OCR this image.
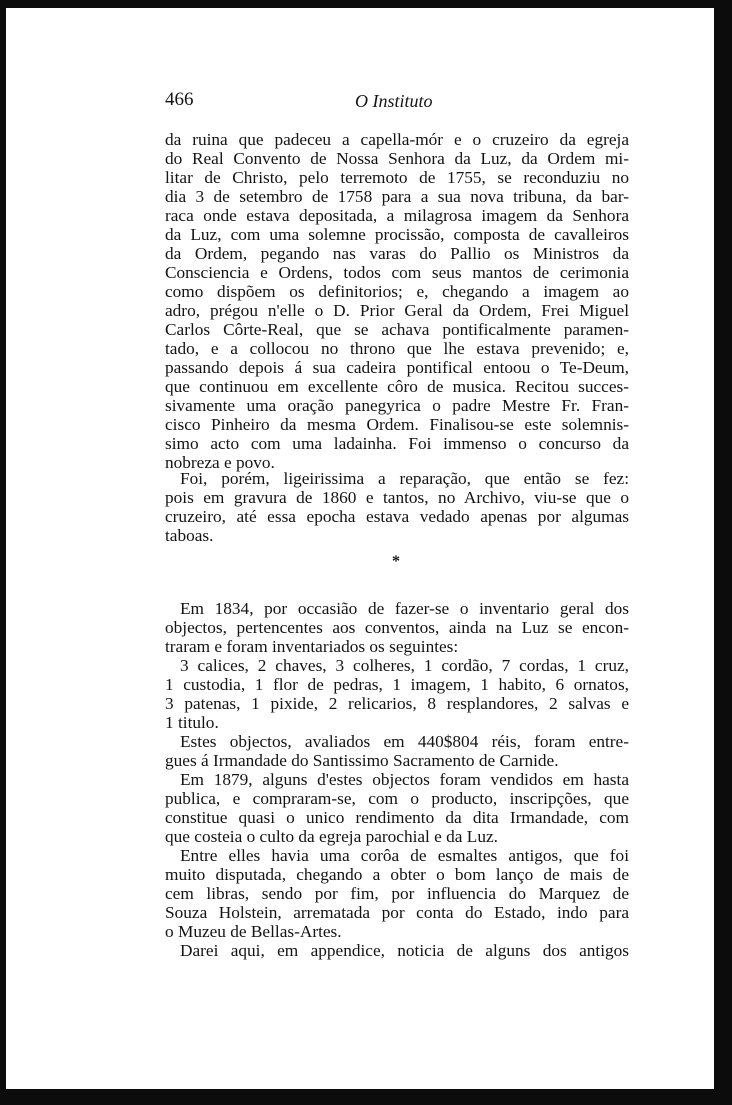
466	O Instituto
da ruina que padeceu a capella-mór e o cruzeiro da egreja
do Real Convento de Nossa Senhora da Luz, da Ordem mi-
litar de Christo, pelo terremoto de 1755, se reconduziu no
dia 3 de setembro de 1758 para a sua nova tribuna, da bar-
raca onde estava depositada, a milagrosa imagem da Senhora
da Luz, com uma solemne procissão, composta de cavalleiros
da Ordem, pegando nas varas do Pallio os Ministros da
Consciencia e Ordens, todos com seus mantos de cerimonia
como dispõem os definitorios; e, chegando a imagem ao
adro, prégou n'elle o D. Prior Geral da Ordem, Frei Miguel
Carlos Côrte-Real, que se achava pontificalmente paramen-
tado, e a collocou no throno que lhe estava prevenido; e,
passando depois á sua cadeira pontifical entoou o Te-Deum,
que continuou em excellente côro de musica. Recitou succes-
sivamente uma oração panegyrica o padre Mestre Fr. Fran-
cisco Pinheiro da mesma Ordem. Finalisou-se este solemnis-
simo acto com uma ladainha. Foi immenso o concurso da
nobreza e povo.
Foi, porém, ligeirissima a reparação, que então se fez:
pois em gravura de 1860 e tantos, no Archivo, viu-se que o
cruzeiro, até essa epocha estava vedado apenas por algumas
taboas.
*
Em 1834, por occasião de fazer-se o inventario geral dos
objectos, pertencentes aos conventos, ainda na Luz se encon-
traram e foram inventariados os seguintes:
3 calices, 2 chaves, 3 colheres, 1 cordão, 7 cordas, 1 cruz,
1 custodia, 1 flor de pedras, 1 imagem, 1 habito, 6 ornatos,
3 patenas, 1 pixide, 2 relicarios, 8 resplandores, 2 salvas e
1 titulo.
Estes objectos, avaliados em 440$804 réis, foram entre-
gues á Irmandade do Santissimo Sacramento de Carnide.
Em 1879, alguns d'estes objectos foram vendidos em hasta
publica, e compraram-se, com o producto, inscripções, que
constitue quasi o unico rendimento da dita Irmandade, com
que costeia o culto da egreja parochial e da Luz.
Entre elles havia uma corôa de esmaltes antigos, que foi
muito disputada, chegando a obter o bom lanço de mais de
cem libras, sendo por fim, por influencia do Marquez de
Souza Holstein, arrematada por conta do Estado, indo para
o Muzeu de Bellas-Artes.
Darei aqui, em appendice, noticia de alguns dos antigos
